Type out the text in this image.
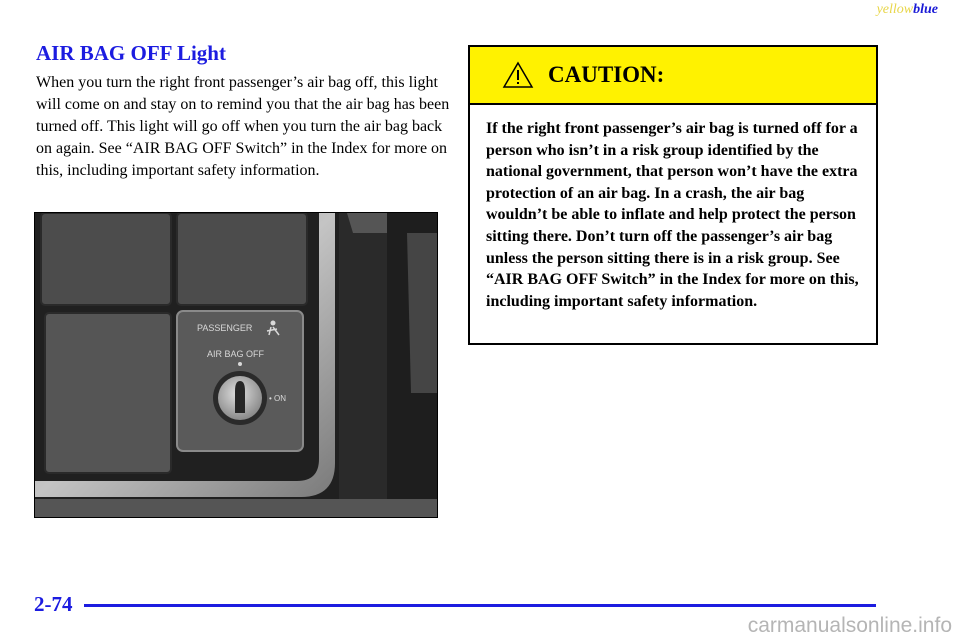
yellowblue
AIR BAG OFF Light

When you turn the right front passenger’s air bag off, this light will come on and stay on to remind you that the air bag has been turned off. This light will go off when you turn the air bag back on again. See “AIR BAG OFF Switch” in the Index for more on this, including important safety information.

PASSENGER
AIR BAG OFF
• ON
CAUTION:

If the right front passenger’s air bag is turned off for a person who isn’t in a risk group identified by the national government, that person won’t have the extra protection of an air bag. In a crash, the air bag wouldn’t be able to inflate and help protect the person sitting there. Don’t turn off the passenger’s air bag unless the person sitting there is in a risk group. See “AIR BAG OFF Switch” in the Index for more on this, including important safety information.

2-74
carmanualsonline.info
